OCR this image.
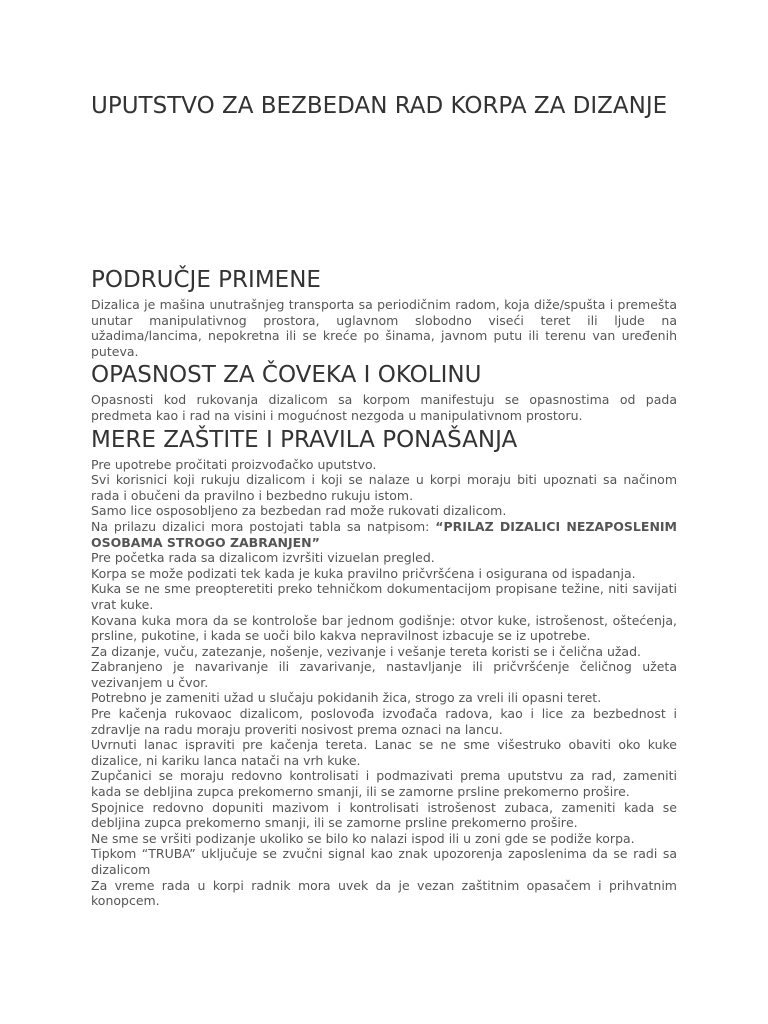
UPUTSTVO ZA BEZBEDAN RAD KORPA ZA DIZANJE
PODRUČJE PRIMENE

Dizalica je mašina unutrašnjeg transporta sa periodičnim radom, koja diže/spušta i premešta unutar manipulativnog prostora, uglavnom slobodno viseći teret ili ljude na užadima/lancima, nepokretna ili se kreće po šinama, javnom putu ili terenu van uređenih puteva.

OPASNOST ZA ČOVEKA I OKOLINU

Opasnosti kod rukovanja dizalicom sa korpom manifestuju se opasnostima od pada predmeta kao i rad na visini i mogućnost nezgoda u manipulativnom prostoru.

MERE ZAŠTITE I PRAVILA PONAŠANJA

Pre upotrebe pročitati proizvođačko uputstvo.

Svi korisnici koji rukuju dizalicom i koji se nalaze u korpi moraju biti upoznati sa načinom rada i obučeni da pravilno i bezbedno rukuju istom.

Samo lice osposobljeno za bezbedan rad može rukovati dizalicom.

Na prilazu dizalici mora postojati tabla sa natpisom: “PRILAZ DIZALICI NEZAPOSLENIM OSOBAMA STROGO ZABRANJEN”

Pre početka rada sa dizalicom izvršiti vizuelan pregled.

Korpa se može podizati tek kada je kuka pravilno pričvršćena i osigurana od ispadanja.

Kuka se ne sme preopteretiti preko tehničkom dokumentacijom propisane težine, niti savijati vrat kuke.

Kovana kuka mora da se kontrološe bar jednom godišnje: otvor kuke, istrošenost, oštećenja, prsline, pukotine, i kada se uoči bilo kakva nepravilnost izbacuje se iz upotrebe.

Za dizanje, vuču, zatezanje, nošenje, vezivanje i vešanje tereta koristi se i čelična užad.

Zabranjeno je navarivanje ili zavarivanje, nastavljanje ili pričvršćenje čeličnog užeta vezivanjem u čvor.

Potrebno je zameniti užad u slučaju pokidanih žica, strogo za vreli ili opasni teret.

Pre kačenja rukovaoc dizalicom, poslovođa izvođača radova, kao i lice za bezbednost i zdravlje na radu moraju proveriti nosivost prema oznaci na lancu.

Uvrnuti lanac ispraviti pre kačenja tereta. Lanac se ne sme višestruko obaviti oko kuke dizalice, ni kariku lanca natači na vrh kuke.

Zupčanici se moraju redovno kontrolisati i podmazivati prema uputstvu za rad, zameniti kada se debljina zupca prekomerno smanji, ili se zamorne prsline prekomerno prošire.

Spojnice redovno dopuniti mazivom i kontrolisati istrošenost zubaca, zameniti kada se debljina zupca prekomerno smanji, ili se zamorne prsline prekomerno proširе.

Ne sme se vršiti podizanje ukoliko se bilo ko nalazi ispod ili u zoni gde se podiže korpa.

Tipkom “TRUBA” uključuje se zvučni signal kao znak upozorenja zaposlenima da se radi sa dizalicom

Za vreme rada u korpi radnik mora uvek da je vezan zaštitnim opasačem i prihvatnim konopcem.
